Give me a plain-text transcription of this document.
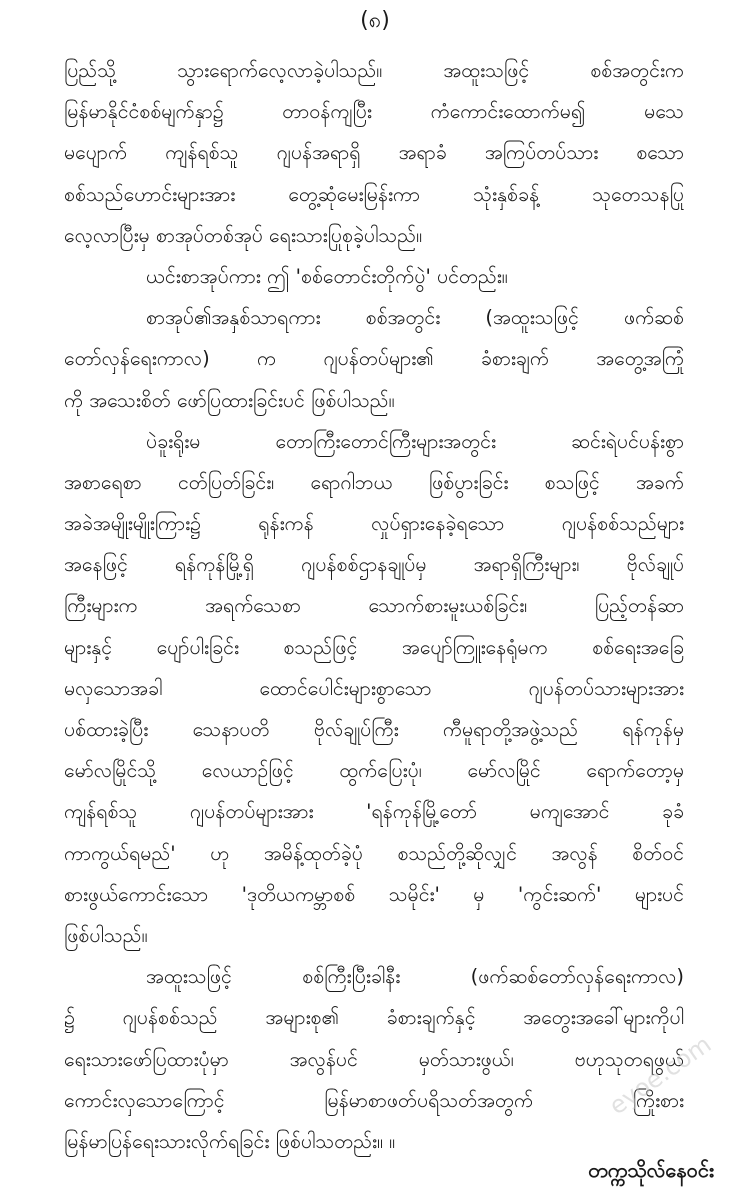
(၈)
ပြည်သို့ သွားရောက်လေ့လာခဲ့ပါသည်။ အထူးသဖြင့် စစ်အတွင်းက
မြန်မာနိုင်ငံစစ်မျက်နှာ၌ တာဝန်ကျပြီး ကံကောင်းထောက်မ၍ မသေ
မပျောက် ကျန်ရစ်သူ ဂျပန်အရာရှိ အရာခံ အကြပ်တပ်သား စသော
စစ်သည်ဟောင်းများအား တွေ့ဆုံမေးမြန်းကာ သုံးနှစ်ခန့် သုတေသနပြု
လေ့လာပြီးမှ စာအုပ်တစ်အုပ် ရေးသားပြုစုခဲ့ပါသည်။
ယင်းစာအုပ်ကား ဤ 'စစ်တောင်းတိုက်ပွဲ' ပင်တည်း။
စာအုပ်၏အနှစ်သာရကား စစ်အတွင်း (အထူးသဖြင့် ဖက်ဆစ်
တော်လှန်ရေးကာလ) က ဂျပန်တပ်များ၏ ခံစားချက် အတွေ့အကြုံ
ကို အသေးစိတ် ဖော်ပြထားခြင်းပင် ဖြစ်ပါသည်။
ပဲခူးရိုးမ တောကြီးတောင်ကြီးများအတွင်း ဆင်းရဲပင်ပန်းစွာ
အစာရေစာ ငတ်ပြတ်ခြင်း၊ ရောဂါဘယ ဖြစ်ပွားခြင်း စသဖြင့် အခက်
အခဲအမျိုးမျိုးကြား၌ ရုန်းကန် လှုပ်ရှားနေခဲ့ရသော ဂျပန်စစ်သည်များ
အနေဖြင့် ရန်ကုန်မြို့ရှိ ဂျပန်စစ်ဌာနချုပ်မှ အရာရှိကြီးများ၊ ဗိုလ်ချုပ်
ကြီးများက အရက်သေစာ သောက်စားမူးယစ်ခြင်း၊ ပြည့်တန်ဆာ
များနှင့် ပျော်ပါးခြင်း စသည်ဖြင့် အပျော်ကြူးနေရုံမက စစ်ရေးအခြေ
မလှသောအခါ ထောင်ပေါင်းများစွာသော ဂျပန်တပ်သားများအား
ပစ်ထားခဲ့ပြီး သေနာပတိ ဗိုလ်ချုပ်ကြီး ကီမူရာတို့အဖွဲ့သည် ရန်ကုန်မှ
မော်လမြိုင်သို့ လေယာဉ်ဖြင့် ထွက်ပြေးပုံ၊ မော်လမြိုင် ရောက်တော့မှ
ကျန်ရစ်သူ ဂျပန်တပ်များအား 'ရန်ကုန်မြို့တော် မကျအောင် ခုခံ
ကာကွယ်ရမည်' ဟု အမိန့်ထုတ်ခဲ့ပုံ စသည်တို့ဆိုလျှင် အလွန် စိတ်ဝင်
စားဖွယ်ကောင်းသော 'ဒုတိယကမ္ဘာစစ် သမိုင်း' မှ 'ကွင်းဆက်' များပင်
ဖြစ်ပါသည်။
အထူးသဖြင့် စစ်ကြီးပြီးခါနီး (ဖက်ဆစ်တော်လှန်ရေးကာလ)
၌ ဂျပန်စစ်သည် အများစု၏ ခံစားချက်နှင့် အတွေးအခေါ်များကိုပါ
ရေးသားဖော်ပြထားပုံမှာ အလွန်ပင် မှတ်သားဖွယ်၊ ဗဟုသုတရဖွယ်
ကောင်းလှသောကြောင့် မြန်မာစာဖတ်ပရိသတ်အတွက် ကြိုးစား
မြန်မာပြန်ရေးသားလိုက်ရခြင်း ဖြစ်ပါသတည်း။ ။
eyoe.com
တက္ကသိုလ်နေဝင်း
